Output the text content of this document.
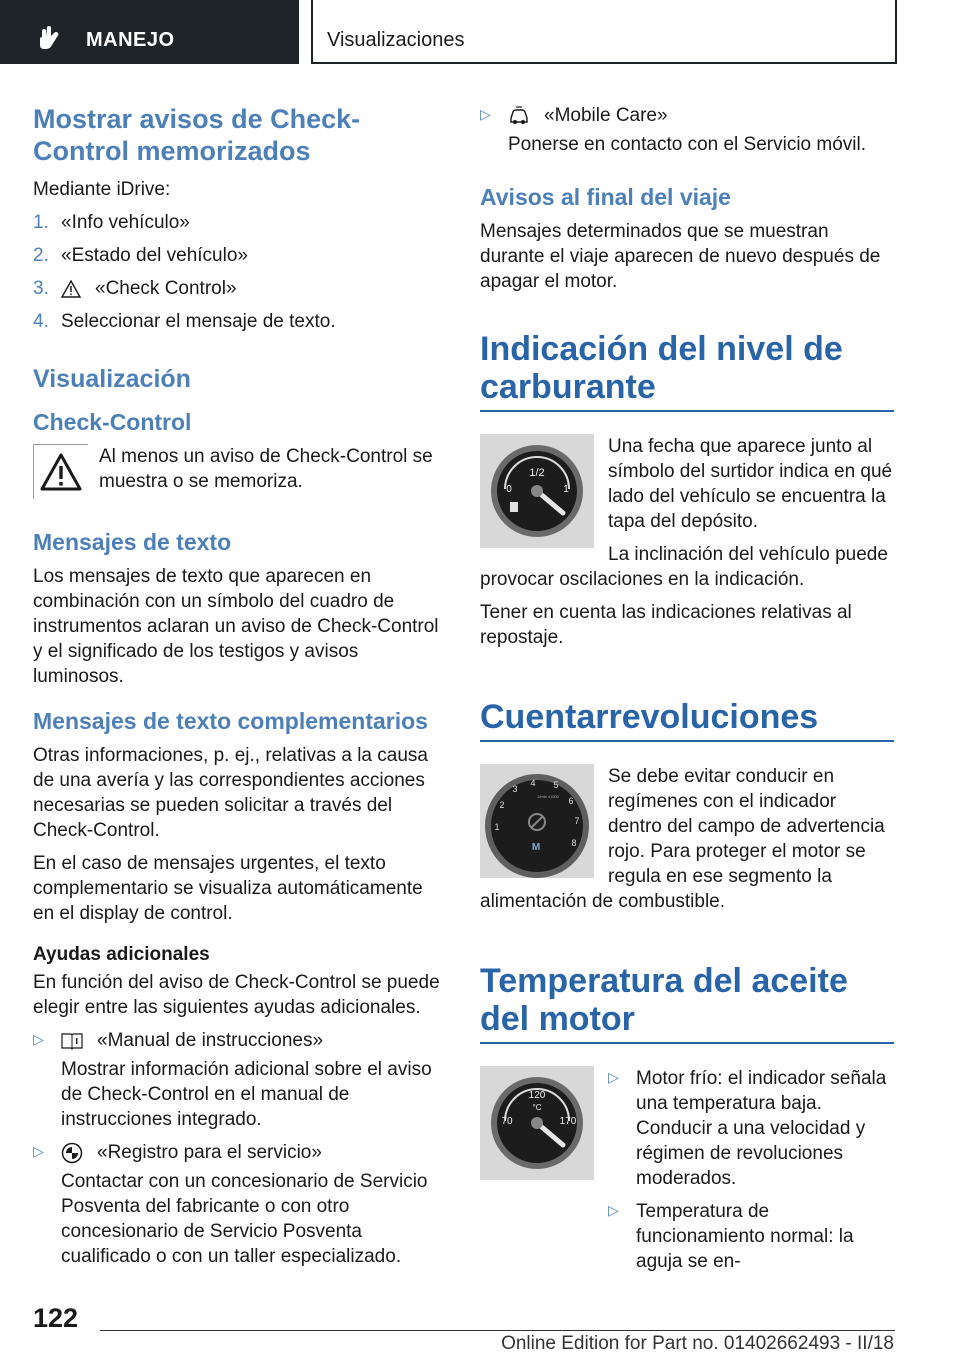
MANEJO	Visualizaciones
Mostrar avisos de Check-Control memorizados

Mediante iDrive:

1. «Info vehículo»
2. «Estado del vehículo»
3. «Check Control»
4. Seleccionar el mensaje de texto.
Visualización
Check-Control

Al menos un aviso de Check-Control se muestra o se memoriza.

Mensajes de texto

Los mensajes de texto que aparecen en combinación con un símbolo del cuadro de instrumentos aclaran un aviso de Check-Control y el significado de los testigos y avisos luminosos.

Mensajes de texto complementarios

Otras informaciones, p. ej., relativas a la causa de una avería y las correspondientes acciones necesarias se pueden solicitar a través del Check-Control.

En el caso de mensajes urgentes, el texto complementario se visualiza automáticamente en el display de control.

Ayudas adicionales

En función del aviso de Check-Control se puede elegir entre las siguientes ayudas adicionales.

▷	«Manual de instrucciones»

Mostrar información adicional sobre el aviso de Check-Control en el manual de instrucciones integrado.

▷	«Registro para el servicio»

Contactar con un concesionario de Servicio Posventa del fabricante o con otro concesionario de Servicio Posventa cualificado o con un taller especializado.

▷	«Mobile Care»

Ponerse en contacto con el Servicio móvil.

Avisos al final del viaje

Mensajes determinados que se muestran durante el viaje aparecen de nuevo después de apagar el motor.

Indicación del nivel de carburante
1/2
0	1

Una fecha que aparece junto al símbolo del surtidor indica en qué lado del vehículo se encuentra la tapa del depósito.

La inclinación del vehículo puede provocar oscilaciones en la indicación.

Tener en cuenta las indicaciones relativas al repostaje.

Cuentarrevoluciones
1
2
3
4 5
6
7
8
1/min x1000
M

Se debe evitar conducir en regímenes con el indicador dentro del campo de advertencia rojo. Para proteger el motor se regula en ese segmento la alimentación de combustible.

Temperatura del aceite del motor
120
°C
70	170
▷ Motor frío: el indicador señala una temperatura baja. Conducir a una velocidad y régimen de revoluciones moderados.

▷ Temperatura de funcionamiento normal: la aguja se en-

122
Online Edition for Part no. 01402662493 - II/18
